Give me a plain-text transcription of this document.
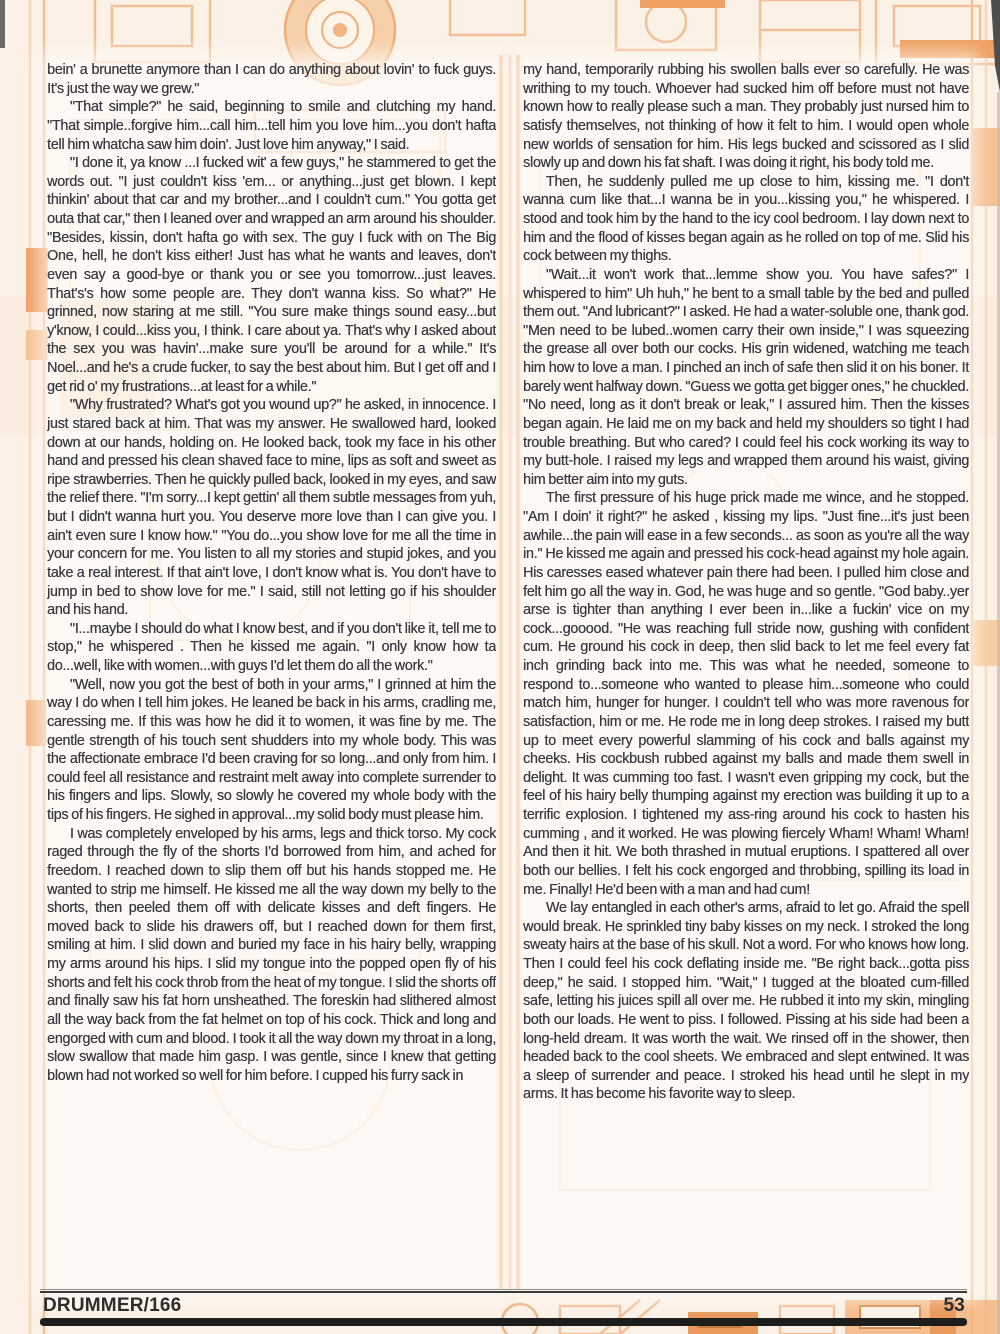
bein' a brunette anymore than I can do anything about lovin' to fuck guys. It's just the way we grew."

"That simple?" he said, beginning to smile and clutching my hand. "That simple..forgive him...call him...tell him you love him...you don't hafta tell him whatcha saw him doin'. Just love him anyway," I said.

"I done it, ya know ...I fucked wit' a few guys," he stammered to get the words out. "I just couldn't kiss 'em... or anything...just get blown. I kept thinkin' about that car and my brother...and I couldn't cum." You gotta get outa that car," then I leaned over and wrapped an arm around his shoulder. "Besides, kissin, don't hafta go with sex. The guy I fuck with on The Big One, hell, he don't kiss either! Just has what he wants and leaves, don't even say a good-bye or thank you or see you tomorrow...just leaves. That's's how some people are. They don't wanna kiss. So what?" He grinned, now staring at me still. "You sure make things sound easy...but y'know, I could...kiss you, I think. I care about ya. That's why I asked about the sex you was havin'...make sure you'll be around for a while." It's Noel...and he's a crude fucker, to say the best about him. But I get off and I get rid o' my frustrations...at least for a while."

"Why frustrated? What's got you wound up?" he asked, in innocence. I just stared back at him. That was my answer. He swallowed hard, looked down at our hands, holding on. He looked back, took my face in his other hand and pressed his clean shaved face to mine, lips as soft and sweet as ripe strawberries. Then he quickly pulled back, looked in my eyes, and saw the relief there. "I'm sorry...I kept gettin' all them subtle messages from yuh, but I didn't wanna hurt you. You deserve more love than I can give you. I ain't even sure I know how." "You do...you show love for me all the time in your concern for me. You listen to all my stories and stupid jokes, and you take a real interest. If that ain't love, I don't know what is. You don't have to jump in bed to show love for me." I said, still not letting go if his shoulder and his hand.

"I...maybe I should do what I know best, and if you don't like it, tell me to stop," he whispered . Then he kissed me again. "I only know how ta do...well, like with women...with guys I'd let them do all the work."

"Well, now you got the best of both in your arms," I grinned at him the way I do when I tell him jokes. He leaned be back in his arms, cradling me, caressing me. If this was how he did it to women, it was fine by me. The gentle strength of his touch sent shudders into my whole body. This was the affectionate embrace I'd been craving for so long...and only from him. I could feel all resistance and restraint melt away into complete surrender to his fingers and lips. Slowly, so slowly he covered my whole body with the tips of his fingers. He sighed in approval...my solid body must please him.

I was completely enveloped by his arms, legs and thick torso. My cock raged through the fly of the shorts I'd borrowed from him, and ached for freedom. I reached down to slip them off but his hands stopped me. He wanted to strip me himself. He kissed me all the way down my belly to the shorts, then peeled them off with delicate kisses and deft fingers. He moved back to slide his drawers off, but I reached down for them first, smiling at him. I slid down and buried my face in his hairy belly, wrapping my arms around his hips. I slid my tongue into the popped open fly of his shorts and felt his cock throb from the heat of my tongue. I slid the shorts off and finally saw his fat horn unsheathed. The foreskin had slithered almost all the way back from the fat helmet on top of his cock. Thick and long and engorged with cum and blood. I took it all the way down my throat in a long, slow swallow that made him gasp. I was gentle, since I knew that getting blown had not worked so well for him before. I cupped his furry sack in

my hand, temporarily rubbing his swollen balls ever so carefully. He was writhing to my touch. Whoever had sucked him off before must not have known how to really please such a man. They probably just nursed him to satisfy themselves, not thinking of how it felt to him. I would open whole new worlds of sensation for him. His legs bucked and scissored as I slid slowly up and down his fat shaft. I was doing it right, his body told me.

Then, he suddenly pulled me up close to him, kissing me. "I don't wanna cum like that...I wanna be in you...kissing you," he whispered. I stood and took him by the hand to the icy cool bedroom. I lay down next to him and the flood of kisses began again as he rolled on top of me. Slid his cock between my thighs.

"Wait...it won't work that...lemme show you. You have safes?" I whispered to him" Uh huh," he bent to a small table by the bed and pulled them out. "And lubricant?" I asked. He had a water-soluble one, thank god. "Men need to be lubed..women carry their own inside," I was squeezing the grease all over both our cocks. His grin widened, watching me teach him how to love a man. I pinched an inch of safe then slid it on his boner. It barely went halfway down. "Guess we gotta get bigger ones," he chuckled. "No need, long as it don't break or leak," I assured him. Then the kisses began again. He laid me on my back and held my shoulders so tight I had trouble breathing. But who cared? I could feel his cock working its way to my butt-hole. I raised my legs and wrapped them around his waist, giving him better aim into my guts.

The first pressure of his huge prick made me wince, and he stopped. "Am I doin' it right?" he asked , kissing my lips. "Just fine...it's just been awhile...the pain will ease in a few seconds... as soon as you're all the way in." He kissed me again and pressed his cock-head against my hole again. His caresses eased whatever pain there had been. I pulled him close and felt him go all the way in. God, he was huge and so gentle. "God baby..yer arse is tighter than anything I ever been in...like a fuckin' vice on my cock...gooood. "He was reaching full stride now, gushing with confident cum. He ground his cock in deep, then slid back to let me feel every fat inch grinding back into me. This was what he needed, someone to respond to...someone who wanted to please him...someone who could match him, hunger for hunger. I couldn't tell who was more ravenous for satisfaction, him or me. He rode me in long deep strokes. I raised my butt up to meet every powerful slamming of his cock and balls against my cheeks. His cockbush rubbed against my balls and made them swell in delight. It was cumming too fast. I wasn't even gripping my cock, but the feel of his hairy belly thumping against my erection was building it up to a terrific explosion. I tightened my ass-ring around his cock to hasten his cumming , and it worked. He was plowing fiercely Wham! Wham! Wham! And then it hit. We both thrashed in mutual eruptions. I spattered all over both our bellies. I felt his cock engorged and throbbing, spilling its load in me. Finally! He'd been with a man and had cum!

We lay entangled in each other's arms, afraid to let go. Afraid the spell would break. He sprinkled tiny baby kisses on my neck. I stroked the long sweaty hairs at the base of his skull. Not a word. For who knows how long. Then I could feel his cock deflating inside me. "Be right back...gotta piss deep," he said. I stopped him. "Wait," I tugged at the bloated cum-filled safe, letting his juices spill all over me. He rubbed it into my skin, mingling both our loads. He went to piss. I followed. Pissing at his side had been a long-held dream. It was worth the wait. We rinsed off in the shower, then headed back to the cool sheets. We embraced and slept entwined. It was a sleep of surrender and peace. I stroked his head until he slept in my arms. It has become his favorite way to sleep.

DRUMMER/166	53
